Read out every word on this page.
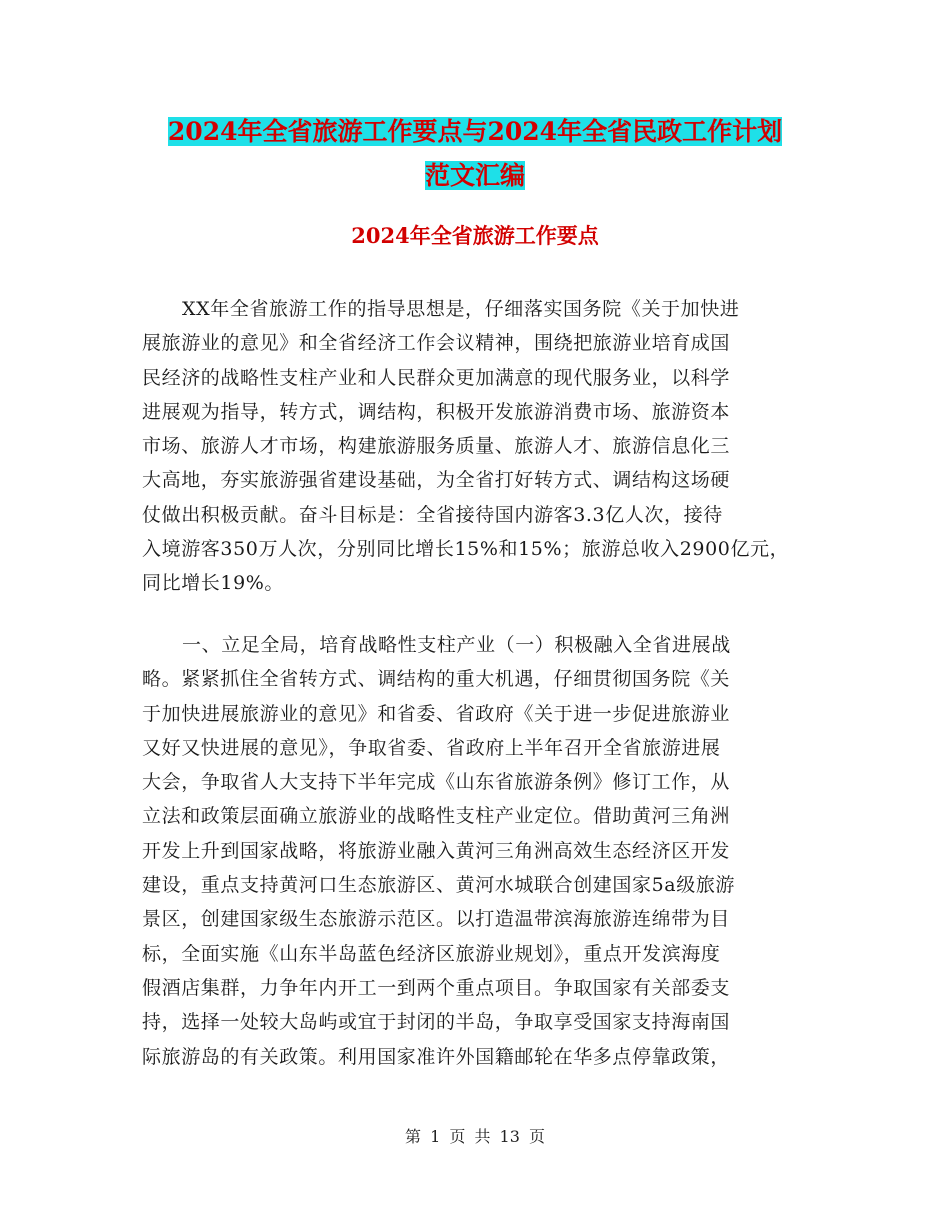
2024年全省旅游工作要点与2024年全省民政工作计划
范文汇编
2024年全省旅游工作要点
XX年全省旅游工作的指导思想是，仔细落实国务院《关于加快进
展旅游业的意见》和全省经济工作会议精神，围绕把旅游业培育成国
民经济的战略性支柱产业和人民群众更加满意的现代服务业，以科学
进展观为指导，转方式，调结构，积极开发旅游消费市场、旅游资本
市场、旅游人才市场，构建旅游服务质量、旅游人才、旅游信息化三
大高地，夯实旅游强省建设基础，为全省打好转方式、调结构这场硬
仗做出积极贡献。奋斗目标是：全省接待国内游客3.3亿人次，接待
入境游客350万人次，分别同比增长15%和15%；旅游总收入2900亿元，
同比增长19%。
一、立足全局，培育战略性支柱产业（一）积极融入全省进展战
略。紧紧抓住全省转方式、调结构的重大机遇，仔细贯彻国务院《关
于加快进展旅游业的意见》和省委、省政府《关于进一步促进旅游业
又好又快进展的意见》，争取省委、省政府上半年召开全省旅游进展
大会，争取省人大支持下半年完成《山东省旅游条例》修订工作，从
立法和政策层面确立旅游业的战略性支柱产业定位。借助黄河三角洲
开发上升到国家战略，将旅游业融入黄河三角洲高效生态经济区开发
建设，重点支持黄河口生态旅游区、黄河水城联合创建国家5a级旅游
景区，创建国家级生态旅游示范区。以打造温带滨海旅游连绵带为目
标，全面实施《山东半岛蓝色经济区旅游业规划》，重点开发滨海度
假酒店集群，力争年内开工一到两个重点项目。争取国家有关部委支
持，选择一处较大岛屿或宜于封闭的半岛，争取享受国家支持海南国
际旅游岛的有关政策。利用国家准许外国籍邮轮在华多点停靠政策，
第 1 页 共 13 页
